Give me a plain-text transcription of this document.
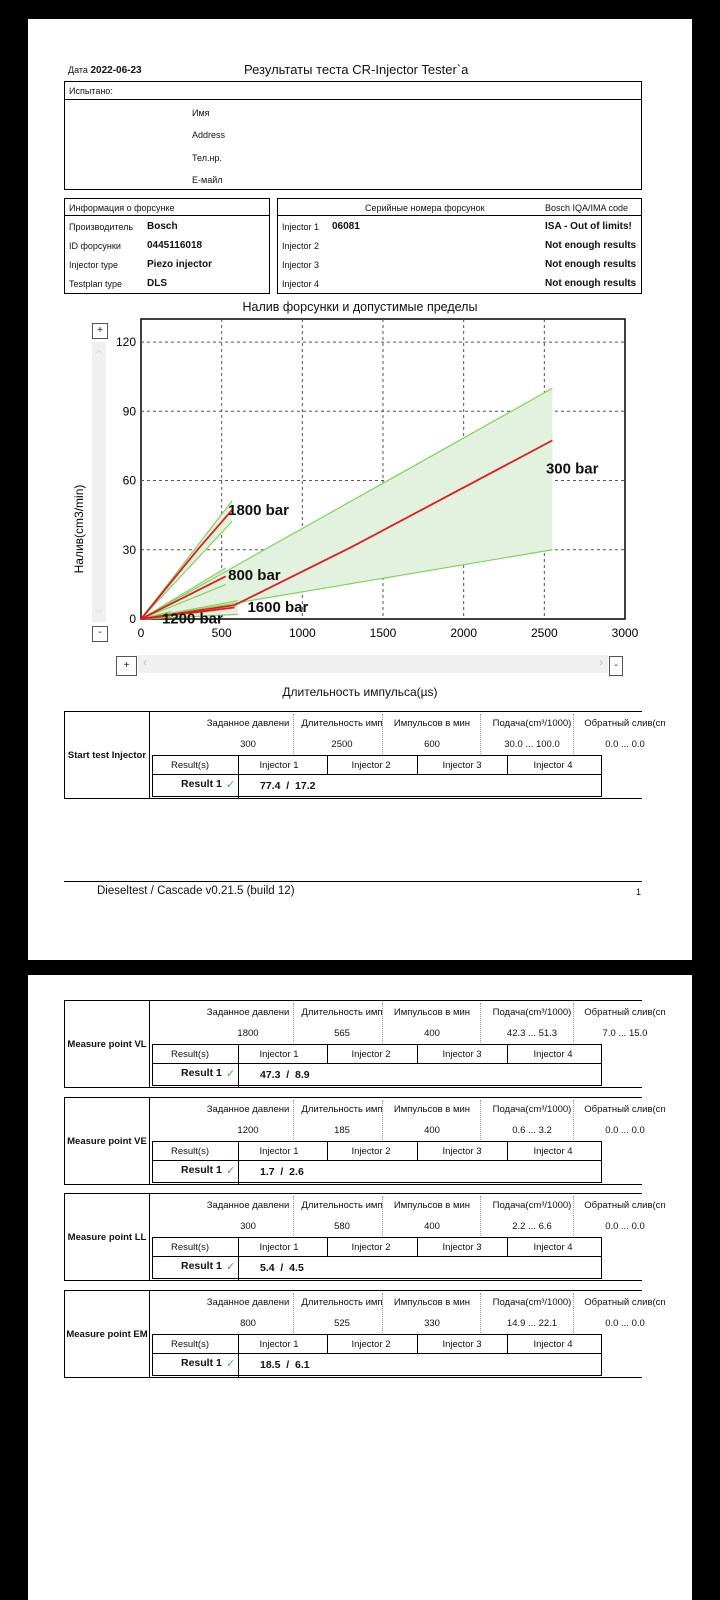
Дата 2022-06-23	Результаты теста CR-Injector Tester`а
Испытано:
Имя
Address
Тел.нр.
E-майл
Информация о форсунке
Производитель Bosch
ID форсунки	0445116018
Injector type	Piezo injector
Testplan type DLS
Серийные номера форсунок	Bosch IQA/IMA code
Injector 1 06081	ISA - Out of limits!
Injector 2	Not enough results
Injector 3	Not enough results
Injector 4	Not enough results
Налив форсунки и допустимые пределы
0	500	1000	1500	2000	2500	3000
0
30
60
90
120
Налив(cm3/min)
300 bar
1800 bar
800 bar
1600 bar
1200 bar
+
-
︿
﹀
+	‹	›	-
Длительность импульса(µs)
Dieseltest / Cascade v0.21.5 (build 12)	1
Start test Injector
Заданное давлени	Длительность имп	Импульсов в мин	Подача(cm³/1000)	Обратный слив(cn
300	2500	600	30.0 ... 100.0	0.0 ... 0.0
Result(s)	Injector 1	Injector 2	Injector 3	Injector 4
Result 1 ✓ 77.4  /  17.2
Measure point VL
Заданное давлени	Длительность имп	Импульсов в мин	Подача(cm³/1000)	Обратный слив(cn
1800	565	400	42.3 ... 51.3	7.0 ... 15.0
Result(s)	Injector 1	Injector 2	Injector 3	Injector 4
Result 1 ✓ 47.3  /  8.9
Measure point VE
Заданное давлени	Длительность имп	Импульсов в мин	Подача(cm³/1000)	Обратный слив(cn
1200	185	400	0.6 ... 3.2	0.0 ... 0.0
Result(s)	Injector 1	Injector 2	Injector 3	Injector 4
Result 1 ✓ 1.7  /  2.6
Measure point LL
Заданное давлени	Длительность имп	Импульсов в мин	Подача(cm³/1000)	Обратный слив(cn
300	580	400	2.2 ... 6.6	0.0 ... 0.0
Result(s)	Injector 1	Injector 2	Injector 3	Injector 4
Result 1 ✓ 5.4  /  4.5
Measure point EM
Заданное давлени	Длительность имп	Импульсов в мин	Подача(cm³/1000)	Обратный слив(cn
800	525	330	14.9 ... 22.1	0.0 ... 0.0
Result(s)	Injector 1	Injector 2	Injector 3	Injector 4
Result 1 ✓ 18.5  /  6.1
